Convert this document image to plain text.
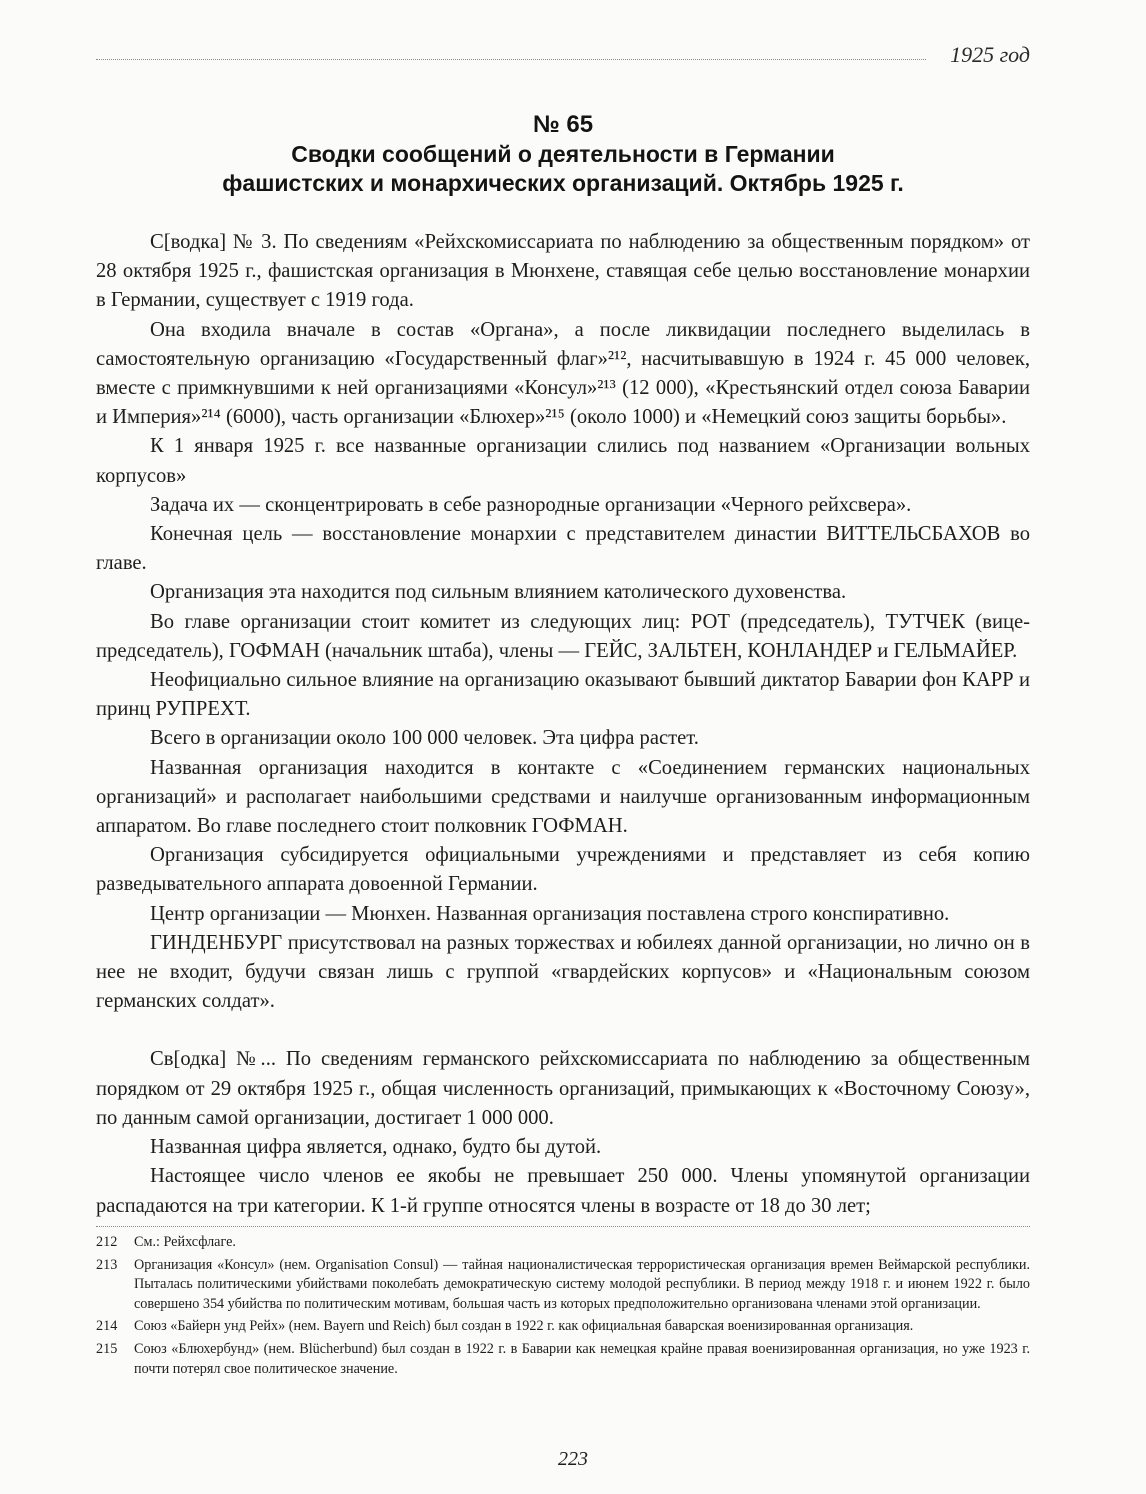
1925 год
№ 65
Сводки сообщений о деятельности в Германии
фашистских и монархических организаций. Октябрь 1925 г.

С[водка] № 3. По сведениям «Рейхскомиссариата по наблюдению за общественным порядком» от 28 октября 1925 г., фашистская организация в Мюнхене, ставящая себе целью восстановление монархии в Германии, существует с 1919 года.

Она входила вначале в состав «Органа», а после ликвидации последнего выделилась в самостоятельную организацию «Государственный флаг»²¹², насчитывавшую в 1924 г. 45 000 человек, вместе с примкнувшими к ней организациями «Консул»²¹³ (12 000), «Крестьянский отдел союза Баварии и Империя»²¹⁴ (6000), часть организации «Блюхер»²¹⁵ (около 1000) и «Немецкий союз защиты борьбы».

К 1 января 1925 г. все названные организации слились под названием «Организации вольных корпусов»

Задача их — сконцентрировать в себе разнородные организации «Черного рейхсвера».

Конечная цель — восстановление монархии с представителем династии ВИТТЕЛЬСБАХОВ во главе.

Организация эта находится под сильным влиянием католического духовенства.

Во главе организации стоит комитет из следующих лиц: РОТ (председатель), ТУТЧЕК (вице-председатель), ГОФМАН (начальник штаба), члены — ГЕЙС, ЗАЛЬТЕН, КОНЛАНДЕР и ГЕЛЬМАЙЕР.

Неофициально сильное влияние на организацию оказывают бывший диктатор Баварии фон КАРР и принц РУПРЕХТ.

Всего в организации около 100 000 человек. Эта цифра растет.

Названная организация находится в контакте с «Соединением германских национальных организаций» и располагает наибольшими средствами и наилучше организованным информационным аппаратом. Во главе последнего стоит полковник ГОФМАН.

Организация субсидируется официальными учреждениями и представляет из себя копию разведывательного аппарата довоенной Германии.

Центр организации — Мюнхен. Названная организация поставлена строго конспиративно.

ГИНДЕНБУРГ присутствовал на разных торжествах и юбилеях данной организации, но лично он в нее не входит, будучи связан лишь с группой «гвардейских корпусов» и «Национальным союзом германских солдат».

Св[одка] №... По сведениям германского рейхскомиссариата по наблюдению за общественным порядком от 29 октября 1925 г., общая численность организаций, примыкающих к «Восточному Союзу», по данным самой организации, достигает 1 000 000.

Названная цифра является, однако, будто бы дутой.

Настоящее число членов ее якобы не превышает 250 000. Члены упомянутой организации распадаются на три категории. К 1-й группе относятся члены в возрасте от 18 до 30 лет;

212	См.: Рейхсфлаге.
213	Организация «Консул» (нем. Organisation Consul) — тайная националистическая террористическая организация времен Веймарской республики. Пыталась политическими убийствами поколебать демократическую систему молодой республики. В период между 1918 г. и июнем 1922 г. было совершено 354 убийства по политическим мотивам, большая часть из которых предположительно организована членами этой организации.
214	Союз «Байерн унд Рейх» (нем. Bayern und Reich) был создан в 1922 г. как официальная баварская военизированная организация.
215	Союз «Блюхербунд» (нем. Blücherbund) был создан в 1922 г. в Баварии как немецкая крайне правая военизированная организация, но уже 1923 г. почти потерял свое политическое значение.
223
